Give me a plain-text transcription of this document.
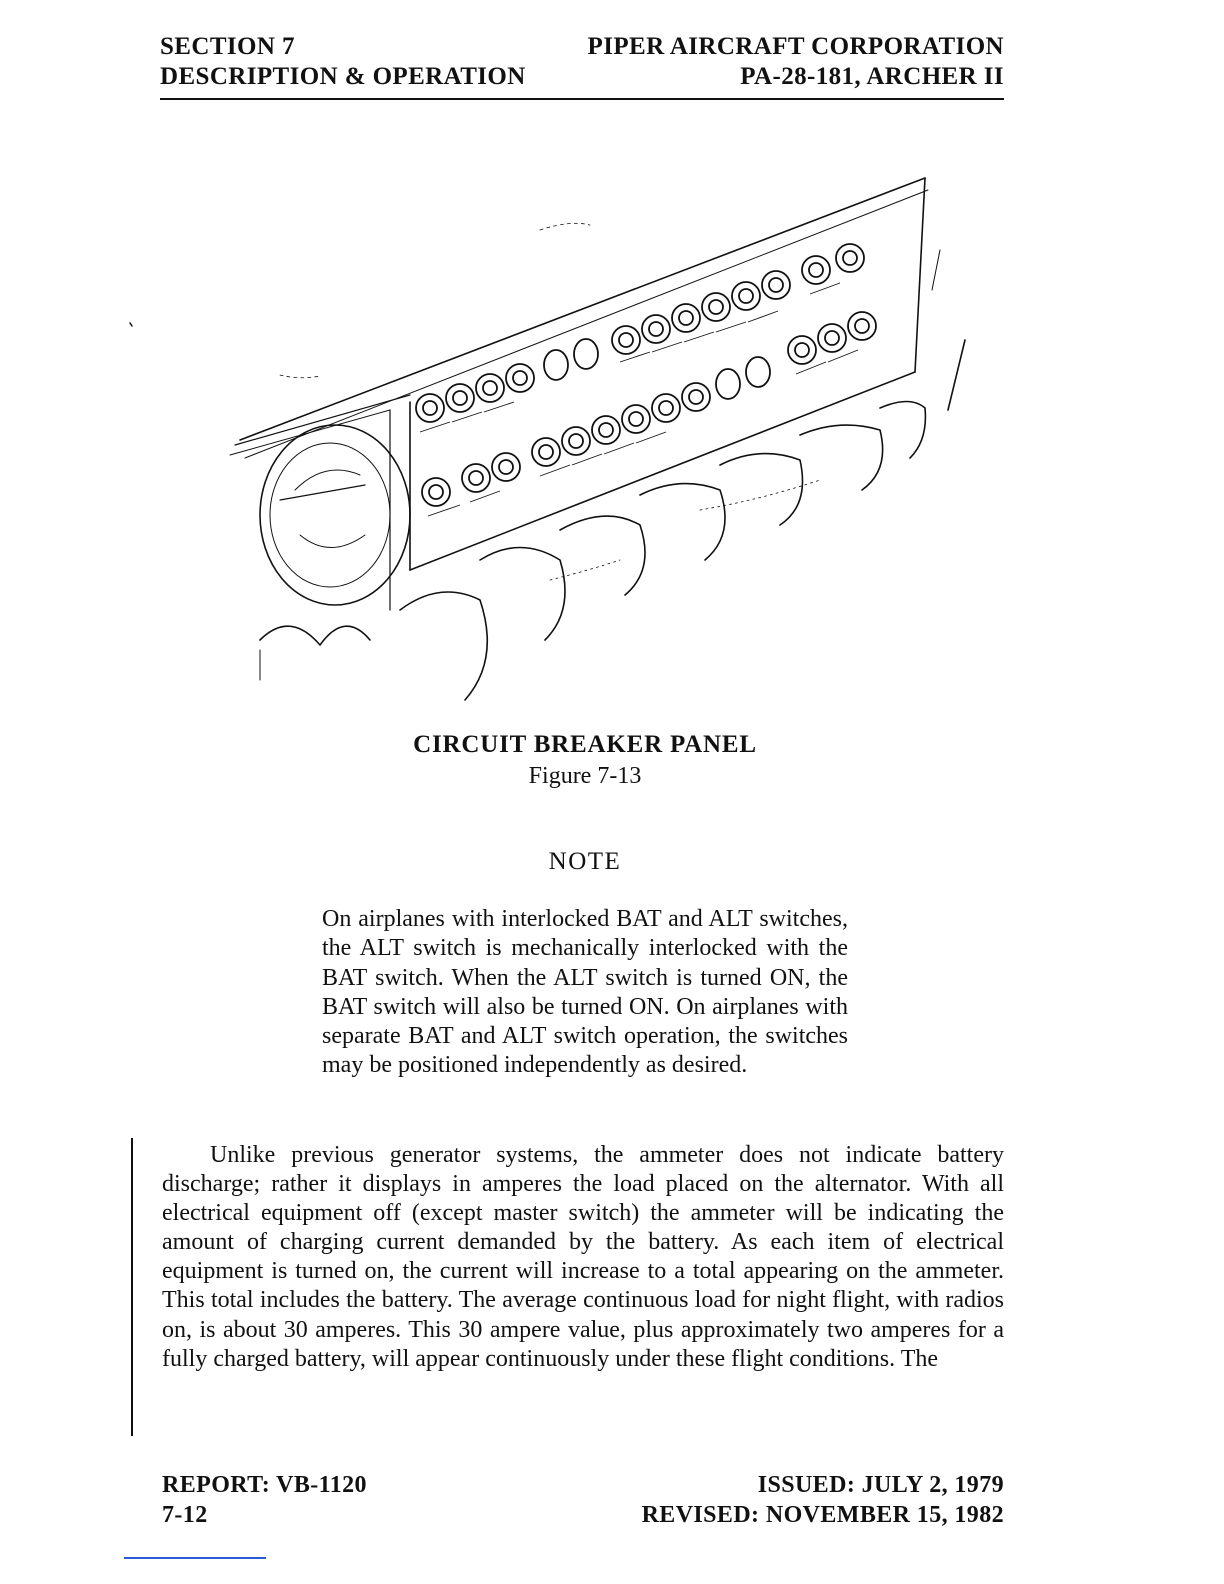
SECTION 7	PIPER AIRCRAFT CORPORATION
DESCRIPTION & OPERATION	PA-28-181, ARCHER II
CIRCUIT BREAKER PANEL
Figure 7-13
NOTE
On airplanes with interlocked BAT and ALT switches, the ALT switch is mechanically interlocked with the BAT switch. When the ALT switch is turned ON, the BAT switch will also be turned ON. On airplanes with separate BAT and ALT switch operation, the switches may be positioned independently as desired.
Unlike previous generator systems, the ammeter does not indicate battery discharge; rather it displays in amperes the load placed on the alternator. With all electrical equipment off (except master switch) the ammeter will be indicating the amount of charging current demanded by the battery. As each item of electrical equipment is turned on, the current will increase to a total appearing on the ammeter. This total includes the battery. The average continuous load for night flight, with radios on, is about 30 amperes. This 30 ampere value, plus approximately two amperes for a fully charged battery, will appear continuously under these flight conditions. The
REPORT: VB-1120	ISSUED: JULY 2, 1979
7-12	REVISED: NOVEMBER 15, 1982
